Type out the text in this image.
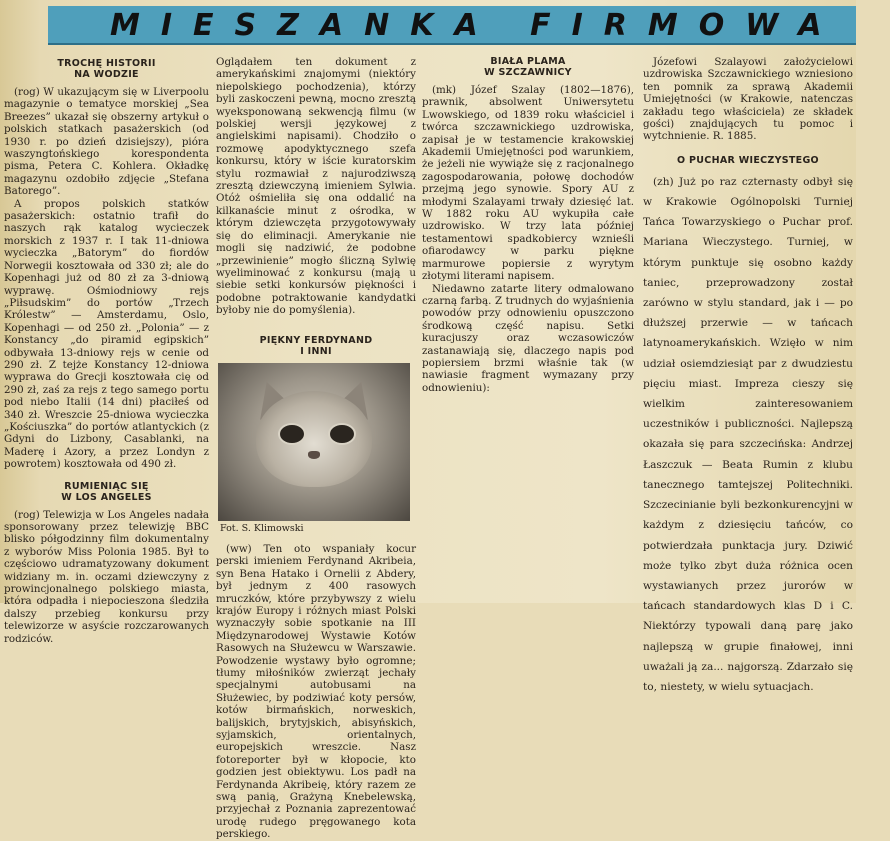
MIESZANKA FIRMOWA
TROCHĘ HISTORII
NA WODZIE

(rog) W ukazującym się w Liverpoolu magazynie o tematyce morskiej „Sea Breezes” ukazał się obszerny artykuł o polskich statkach pasażerskich (od 1930 r. po dzień dzisiejszy), pióra waszyngtońskiego korespondenta pisma, Petera C. Kohlera. Okładkę magazynu ozdobiło zdjęcie „Stefana Batorego”.

A propos polskich statków pasażerskich: ostatnio trafił do naszych rąk katalog wycieczek morskich z 1937 r. I tak 11-dniowa wycieczka „Batorym” do fiordów Norwegii kosztowała od 330 zł; ale do Kopenhagi już od 80 zł za 3-dniową wyprawę. Ośmiodniowy rejs „Piłsudskim” do portów „Trzech Królestw” — Amsterdamu, Oslo, Kopenhagi — od 250 zł. „Polonia” — z Konstancy „do piramid egipskich” odbywała 13-dniowy rejs w cenie od 290 zł. Z tejże Konstancy 12-dniowa wyprawa do Grecji kosztowała cię od 290 zł, zaś za rejs z tego samego portu pod niebo Italii (14 dni) płaciłeś od 340 zł. Wreszcie 25-dniowa wycieczka „Kościuszka” do portów atlantyckich (z Gdyni do Lizbony, Casablanki, na Maderę i Azory, a przez Londyn z powrotem) kosztowała od 490 zł.

RUMIENIĄC SIĘ
W LOS ANGELES

(rog) Telewizja w Los Angeles nadała sponsorowany przez telewizję BBC blisko półgodzinny film dokumentalny z wyborów Miss Polonia 1985. Był to częściowo udramatyzowany dokument widziany m. in. oczami dziewczyny z prowincjonalnego polskiego miasta, która odpadła i niepocieszona śledziła dalszy przebieg konkursu przy telewizorze w asyście rozczarowanych rodziców.

Oglądałem ten dokument z amerykańskimi znajomymi (niektóry niepolskiego pochodzenia), którzy byli zaskoczeni pewną, mocno zresztą wyeksponowaną sekwencją filmu (w polskiej wersji językowej z angielskimi napisami). Chodziło o rozmowę apodyktycznego szefa konkursu, który w iście kuratorskim stylu rozmawiał z najurodziwszą zresztą dziewczyną imieniem Sylwia. Otóż ośmieliła się ona oddalić na kilkanaście minut z ośrodka, w którym dziewczęta przygotowywały się do eliminacji. Amerykanie nie mogli się nadziwić, że podobne „przewinienie” mogło śliczną Sylwię wyeliminować z konkursu (mają u siebie setki konkursów piękności i podobne potraktowanie kandydatki byłoby nie do pomyślenia).

PIĘKNY FERDYNAND
I INNI
Fot. S. Klimowski

(ww) Ten oto wspaniały kocur perski imieniem Ferdynand Akribeia, syn Bena Hatako i Ornelii z Abdery, był jednym z 400 rasowych mruczków, które przybywszy z wielu krajów Europy i różnych miast Polski wyznaczyły sobie spotkanie na III Międzynarodowej Wystawie Kotów Rasowych na Służewcu w Warszawie. Powodzenie wystawy było ogromne; tłumy miłośników zwierząt jechały specjalnymi autobusami na Służewiec, by podziwiać koty persów, kotów birmańskich, norweskich, balijskich, brytyjskich, abisyńskich, syjamskich, orientalnych, europejskich wreszcie. Nasz fotoreporter był w kłopocie, kto godzien jest obiektywu. Los padł na Ferdynanda Akribeię, który razem ze swą panią, Grażyną Knebelewską, przyjechał z Poznania zaprezentować urodę rudego pręgowanego kota perskiego.

BIAŁA PLAMA
W SZCZAWNICY

(mk) Józef Szalay (1802—1876), prawnik, absolwent Uniwersytetu Lwowskiego, od 1839 roku właściciel i twórca szczawnickiego uzdrowiska, zapisał je w testamencie krakowskiej Akademii Umiejętności pod warunkiem, że jeżeli nie wywiąże się z racjonalnego zagospodarowania, połowę dochodów przejmą jego synowie. Spory AU z młodymi Szalayami trwały dziesięć lat. W 1882 roku AU wykupiła całe uzdrowisko. W trzy lata później testamentowi spadkobiercy wznieśli ofiarodawcy w parku piękne marmurowe popiersie z wyrytym złotymi literami napisem.

Niedawno zatarte litery odmalowano czarną farbą. Z trudnych do wyjaśnienia powodów przy odnowieniu opuszczono środkową część napisu. Setki kuracjuszy oraz wczasowiczów zastanawiają się, dlaczego napis pod popiersiem brzmi właśnie tak (w nawiasie fragment wymazany przy odnowieniu):

Józefowi Szalayowi założycielowi uzdrowiska Szczawnickiego wzniesiono ten pomnik za sprawą Akademii Umiejętności (w Krakowie, natenczas zakładu tego właściciela) ze składek gości) znajdujących tu pomoc i wytchnienie. R. 1885.

O PUCHAR WIECZYSTEGO

(zh) Już po raz czternasty odbył się w Krakowie Ogólnopolski Turniej Tańca Towarzyskiego o Puchar prof. Mariana Wieczystego. Turniej, w którym punktuje się osobno każdy taniec, przeprowadzony został zarówno w stylu standard, jak i — po dłuższej przerwie — w tańcach latynoamerykańskich. Wzięło w nim udział osiemdziesiąt par z dwudziestu pięciu miast. Impreza cieszy się wielkim zainteresowaniem uczestników i publiczności. Najlepszą okazała się para szczecińska: Andrzej Łaszczuk — Beata Rumin z klubu tanecznego tamtejszej Politechniki. Szczecinianie byli bezkonkurencyjni w każdym z dziesięciu tańców, co potwierdzała punktacja jury. Dziwić może tylko zbyt duża różnica ocen wystawianych przez jurorów w tańcach standardowych klas D i C. Niektórzy typowali daną parę jako najlepszą w grupie finałowej, inni uważali ją za... najgorszą. Zdarzało się to, niestety, w wielu sytuacjach.
